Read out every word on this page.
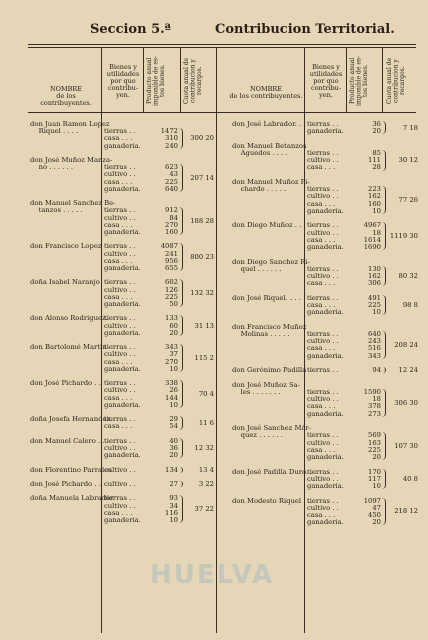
Seccion 5.ª	Contribucion Territorial.
NOMBRE
de los contribuyentes.
Bienes y
utilidades
por que
contribu-
yen.	Producto anual
imponible de es-
tos bienes.
Cuota anual de
contribucion y
recargos.	NOMBRE
de los contribuyentes.
Bienes y
utilidades
por que
contribu-
yen.	Producto anual
imponible de es-
tos bienes.
Cuota anual de
contribucion y
recargos.
don Juan Ramon Lopez
Riquel . . . .	tierras . .	1472
casa . . .	310
ganaderia.	240
300 20
don José Muñoz Manza-
no . . . . . .	tierras . .	623
cultivo . .	43
casa . . .	225
ganaderia.	640
207 14
don Manuel Sanchez Be-
tanzos . . . . .	tierras . .	912
cultivo . .	84
casa . . .	270
ganaderia.	160
188 28
don Francisco Lopez tierras . .	4087
cultivo . .	241
casa . . .	956
ganaderia.	655
800 23
doña Isabel Naranjo tierras . .	602
cultivo . .	126
casa . . .	225
ganaderia.	50
132 32
don Alonso Rodriguez.
tierras . .	133
cultivo . .	60
ganaderia.	20
31 13
don Bartolomé Martin
tierras . .	343
cultivo . .	37
casa . . .	270
ganaderia.	10
115 2
don José Pichardo . . tierras . .	338
cultivo . .	26
casa . . .	144
ganaderia.	10
70 4
doña Josefa Hernandez.
tierras . .	29
casa . . .	54	11 6
don Manuel Calero . . tierras . .	40
cultivo . .	36
ganaderia.	20
12 32
don Florentino Parrales
cultivo . .	134	13 4
don José Pichardo . . cultivo . .	27	3 22
doña Manuela Labrador
tierras . .	93
cultivo . .	34
casa . . .	116
ganaderia.	10
37 22
don José Labrador. . . tierras . .	36
ganaderia.	20	7 18
don Manuel Betanzos
Aguedos . . . .	tierras . .	85
cultivo . .	111
casa . . .	28
30 12
don Manuel Muñoz Pi-
chardo . . . . .	tierras . .	223
cultivo . .	162
casa . . .	160
ganaderia.	10
77 26
don Diego Muñoz . . . tierras . .	4967
cultivo . .	18
casa . . .	1614
ganaderia.	1690
1119 30
don Diego Sanchez Ri-
quel . . . . . .	tierras . .	130
cultivo . .	162
casa . . .	306
80 32
don José Riquel. . . . tierras . .	491
casa . . .	225
ganaderia.	10
98 8
don Francisco Muñoz
Molinas . . . . .	tierras . .	640
cultivo . .	243
casa . . .	516
ganaderia.	343
208 24
don Gerónimo Padilla tierras . .	94	12 24
don José Muñoz Sa-
les . . . . . . .	tierras . .	1590
cultivo . .	18
casa . . .	378
ganaderia.	273
306 30
don José Sanchez Már-
quez . . . . . .	tierras . .	569
cultivo . .	163
casa . . .	225
ganaderia.	20
107 30
don José Padilla Duro.
tierras . .	170
cultivo . .	117
ganaderia.	10
40 8
don Modesto Riquel . .
tierras . .	1097
cultivo . .	47
casa . . .	450
ganaderia.	20
218 12
HUELVA
